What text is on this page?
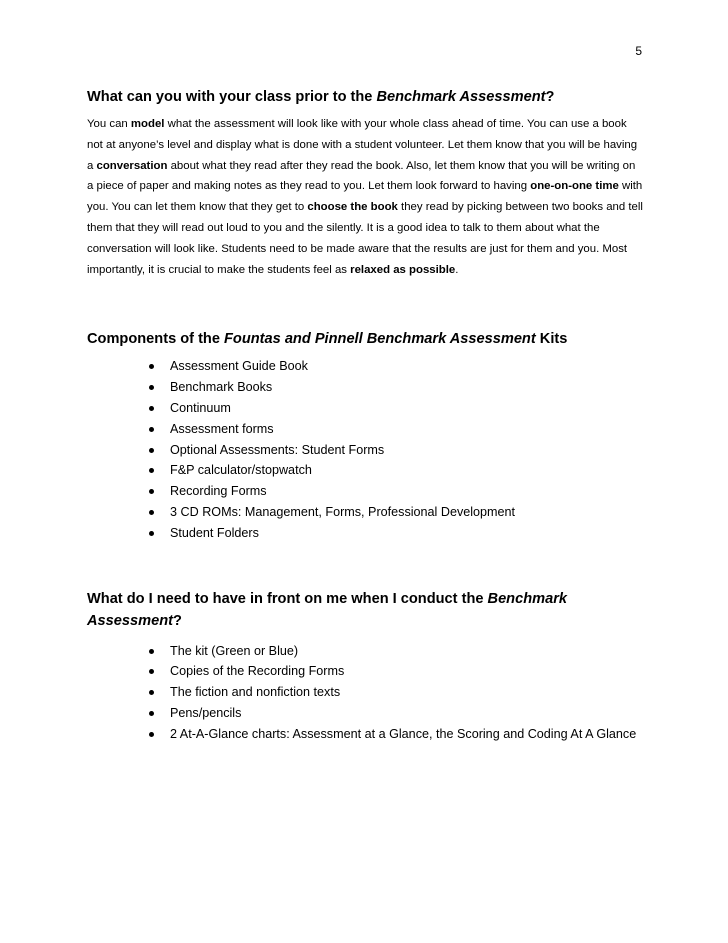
5
What can you with your class prior to the Benchmark Assessment?

You can model what the assessment will look like with your whole class ahead of time. You can use a book not at anyone’s level and display what is done with a student volunteer. Let them know that you will be having a conversation about what they read after they read the book. Also, let them know that you will be writing on a piece of paper and making notes as they read to you. Let them look forward to having one-on-one time with you. You can let them know that they get to choose the book they read by picking between two books and tell them that they will read out loud to you and the silently. It is a good idea to talk to them about what the conversation will look like. Students need to be made aware that the results are just for them and you. Most importantly, it is crucial to make the students feel as relaxed as possible.

Components of the Fountas and Pinnell Benchmark Assessment Kits
Assessment Guide Book
Benchmark Books
Continuum
Assessment forms
Optional Assessments: Student Forms
F&P calculator/stopwatch
Recording Forms
3 CD ROMs: Management, Forms, Professional Development
Student Folders
What do I need to have in front on me when I conduct the Benchmark Assessment?
The kit (Green or Blue)
Copies of the Recording Forms
The fiction and nonfiction texts
Pens/pencils
2 At-A-Glance charts: Assessment at a Glance, the Scoring and Coding At A Glance
